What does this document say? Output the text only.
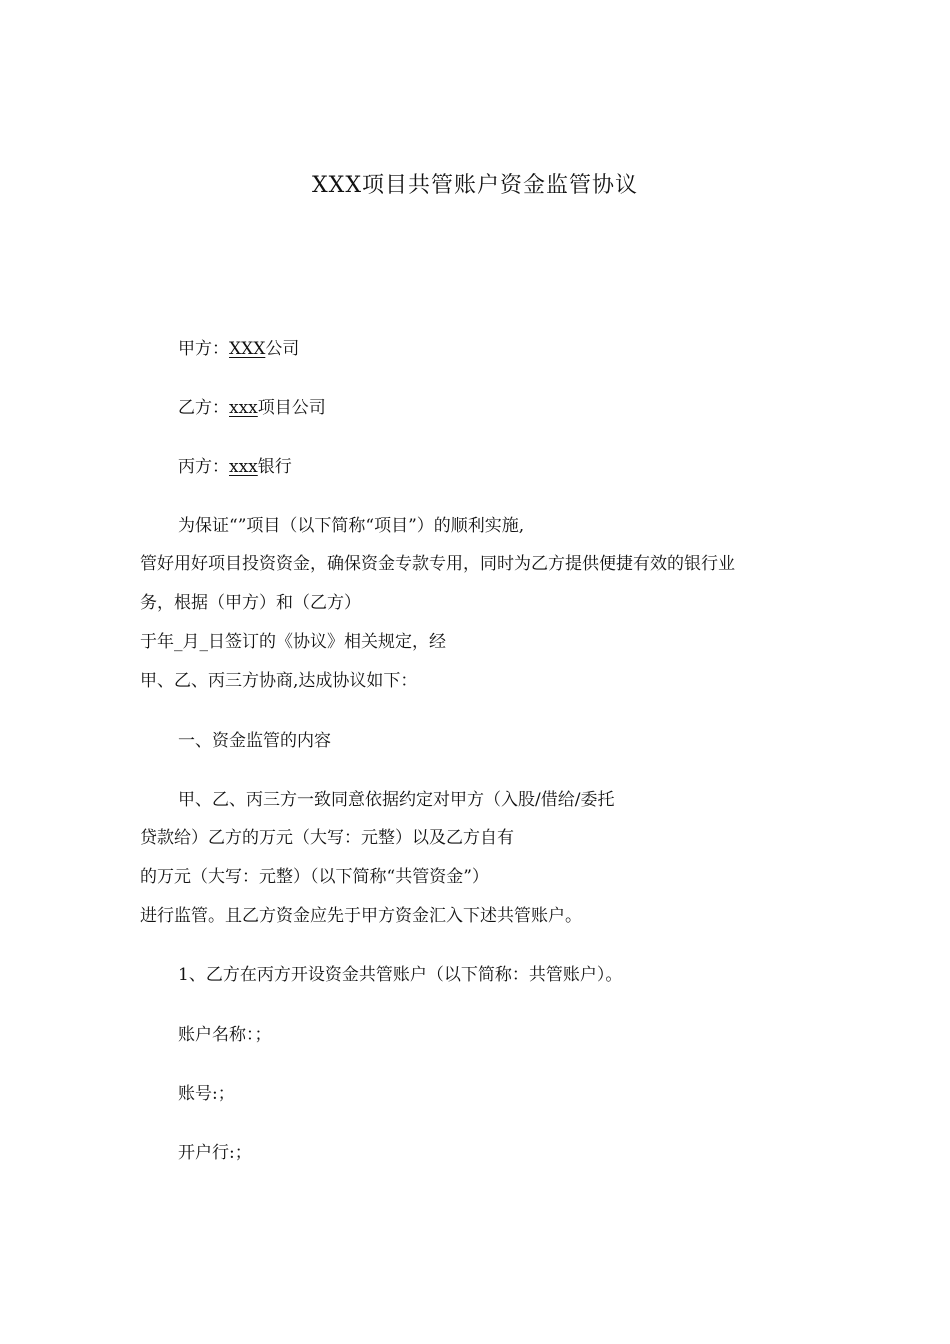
XXX项目共管账户资金监管协议
甲方：XXX公司
乙方：xxx项目公司
丙方：xxx银行
为保证“”项目（以下简称“项目”）的顺利实施,
管好用好项目投资资金，确保资金专款专用，同时为乙方提供便捷有效的银行业
务，根据（甲方）和（乙方）
于年_月_日签订的《协议》相关规定，经
甲、乙、丙三方协商,达成协议如下：
一、资金监管的内容
甲、乙、丙三方一致同意依据约定对甲方（入股/借给/委托
贷款给）乙方的万元（大写：元整）以及乙方自有
的万元（大写：元整）（以下简称“共管资金”）
进行监管。且乙方资金应先于甲方资金汇入下述共管账户。
1、乙方在丙方开设资金共管账户（以下简称：共管账户）。
账户名称：；
账号:；
开户行:；
